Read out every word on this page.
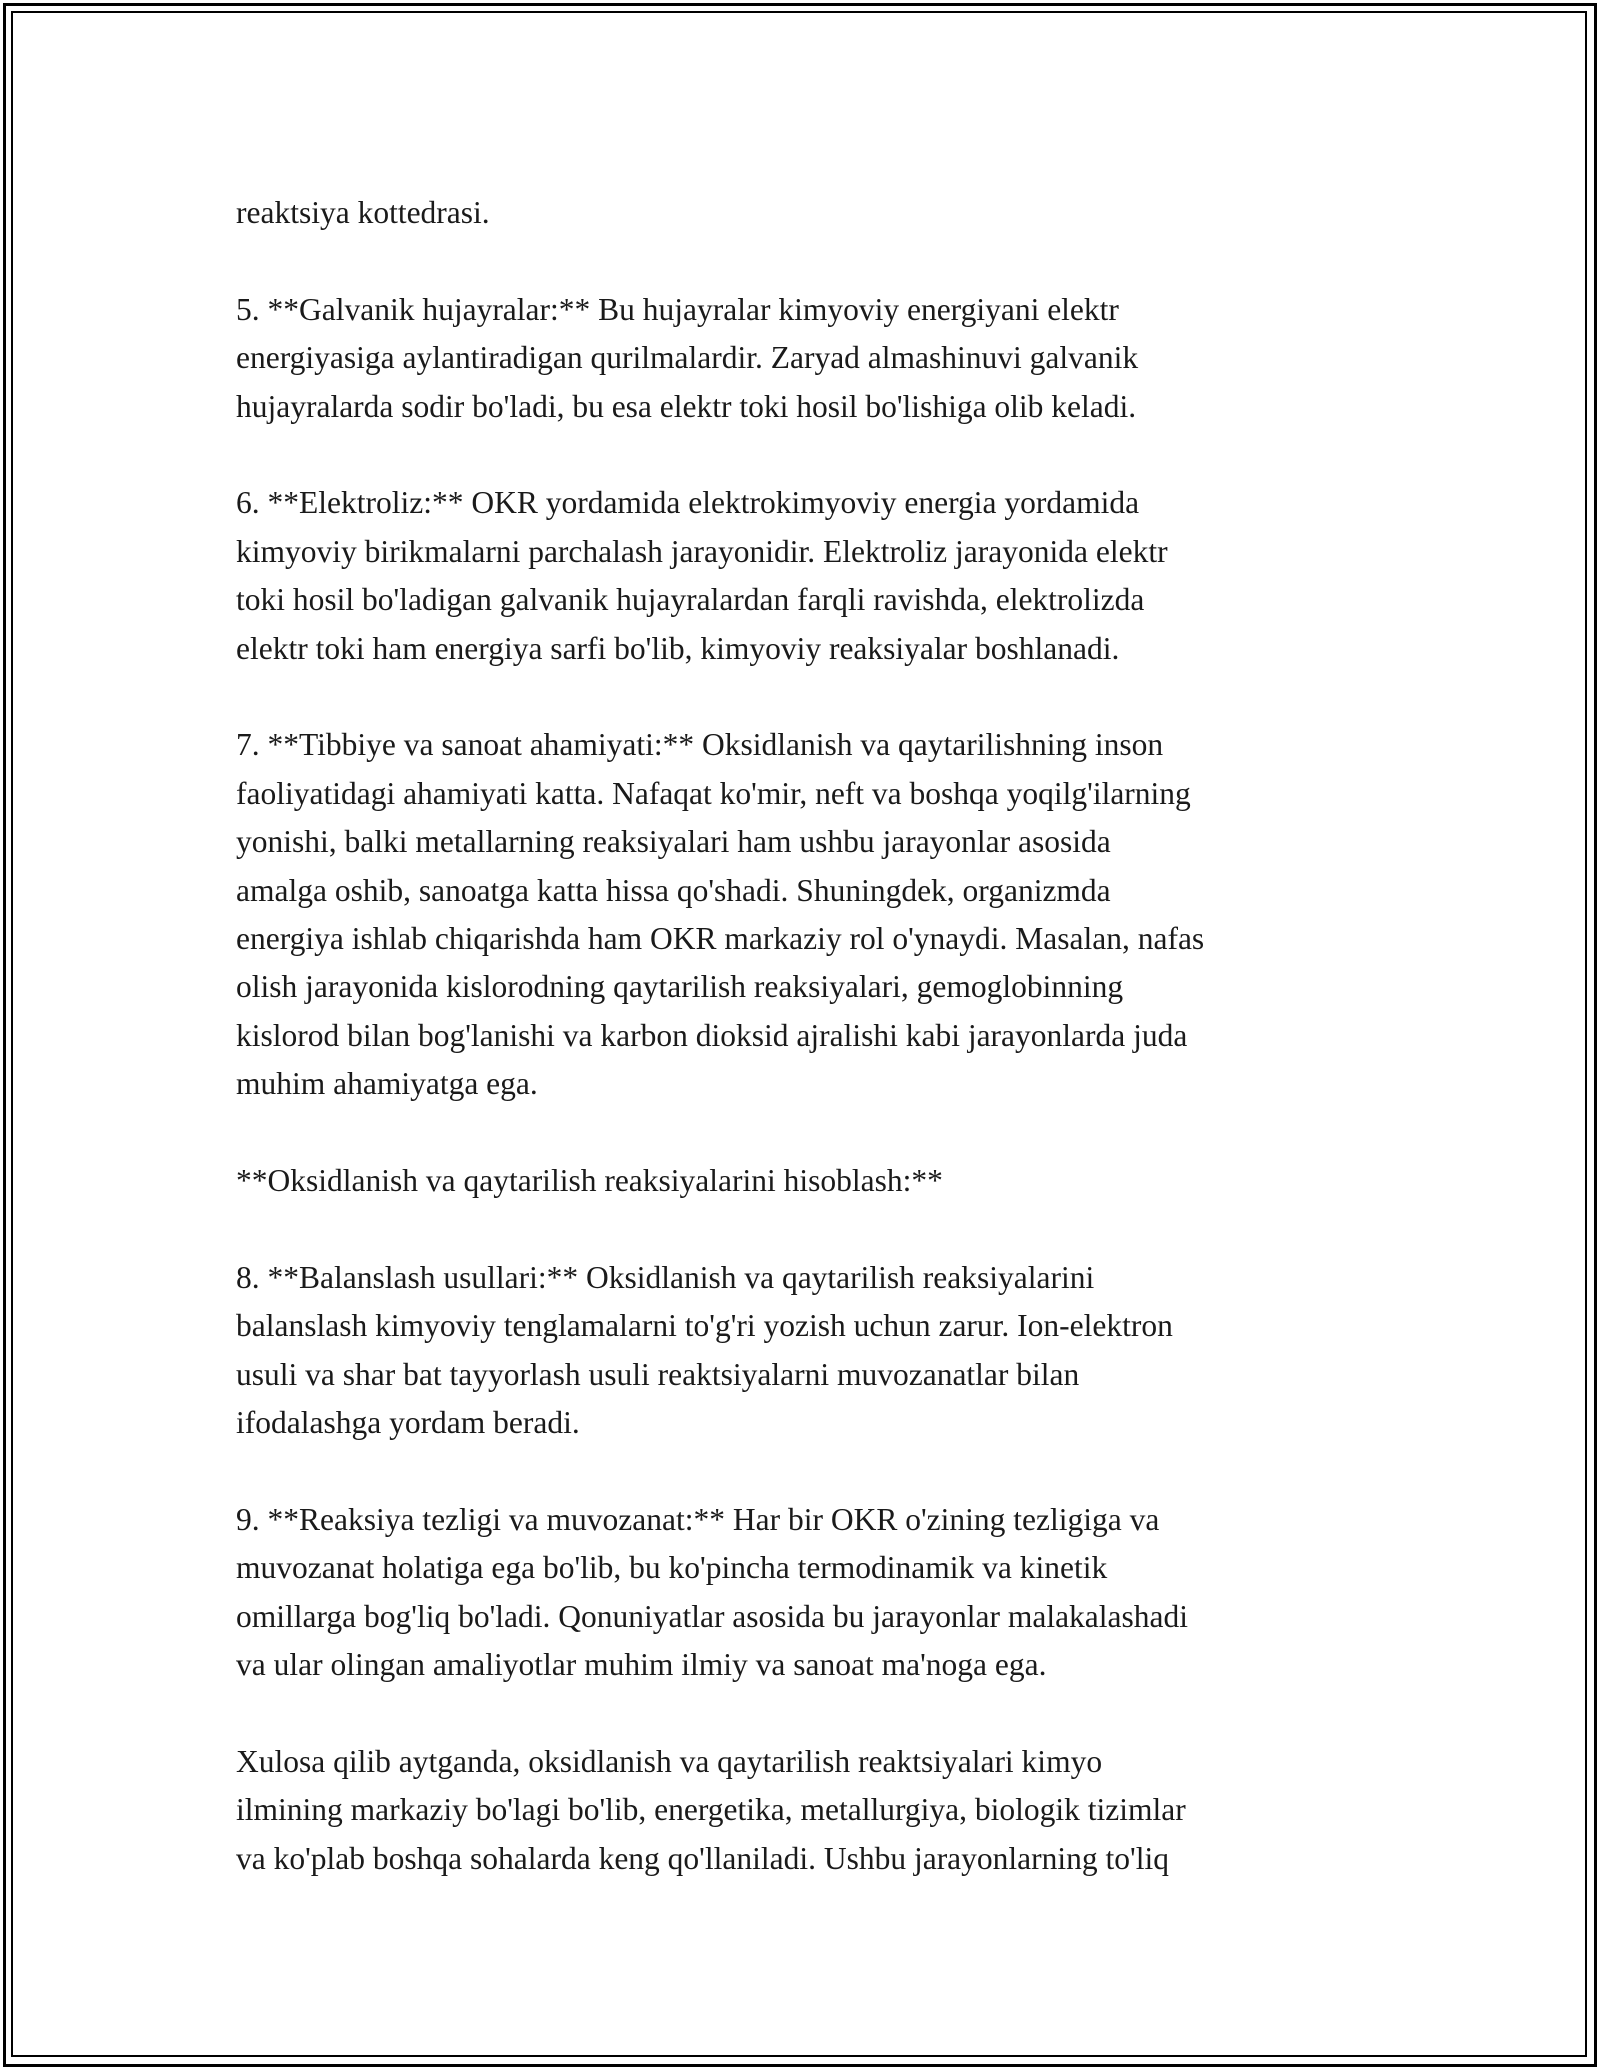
reaktsiya kottedrasi.
5. **Galvanik hujayralar:** Bu hujayralar kimyoviy energiyani elektr
energiyasiga aylantiradigan qurilmalardir. Zaryad almashinuvi galvanik
hujayralarda sodir bo'ladi, bu esa elektr toki hosil bo'lishiga olib keladi.
6. **Elektroliz:** OKR yordamida elektrokimyoviy energia yordamida
kimyoviy birikmalarni parchalash jarayonidir. Elektroliz jarayonida elektr
toki hosil bo'ladigan galvanik hujayralardan farqli ravishda, elektrolizda
elektr toki ham energiya sarfi bo'lib, kimyoviy reaksiyalar boshlanadi.
7. **Tibbiye va sanoat ahamiyati:** Oksidlanish va qaytarilishning inson
faoliyatidagi ahamiyati katta. Nafaqat ko'mir, neft va boshqa yoqilg'ilarning
yonishi, balki metallarning reaksiyalari ham ushbu jarayonlar asosida
amalga oshib, sanoatga katta hissa qo'shadi. Shuningdek, organizmda
energiya ishlab chiqarishda ham OKR markaziy rol o'ynaydi. Masalan, nafas
olish jarayonida kislorodning qaytarilish reaksiyalari, gemoglobinning
kislorod bilan bog'lanishi va karbon dioksid ajralishi kabi jarayonlarda juda
muhim ahamiyatga ega.
**Oksidlanish va qaytarilish reaksiyalarini hisoblash:**
8. **Balanslash usullari:** Oksidlanish va qaytarilish reaksiyalarini
balanslash kimyoviy tenglamalarni to'g'ri yozish uchun zarur. Ion-elektron
usuli va shar bat tayyorlash usuli reaktsiyalarni muvozanatlar bilan
ifodalashga yordam beradi.
9. **Reaksiya tezligi va muvozanat:** Har bir OKR o'zining tezligiga va
muvozanat holatiga ega bo'lib, bu ko'pincha termodinamik va kinetik
omillarga bog'liq bo'ladi. Qonuniyatlar asosida bu jarayonlar malakalashadi
va ular olingan amaliyotlar muhim ilmiy va sanoat ma'noga ega.
Xulosa qilib aytganda, oksidlanish va qaytarilish reaktsiyalari kimyo
ilmining markaziy bo'lagi bo'lib, energetika, metallurgiya, biologik tizimlar
va ko'plab boshqa sohalarda keng qo'llaniladi. Ushbu jarayonlarning to'liq
